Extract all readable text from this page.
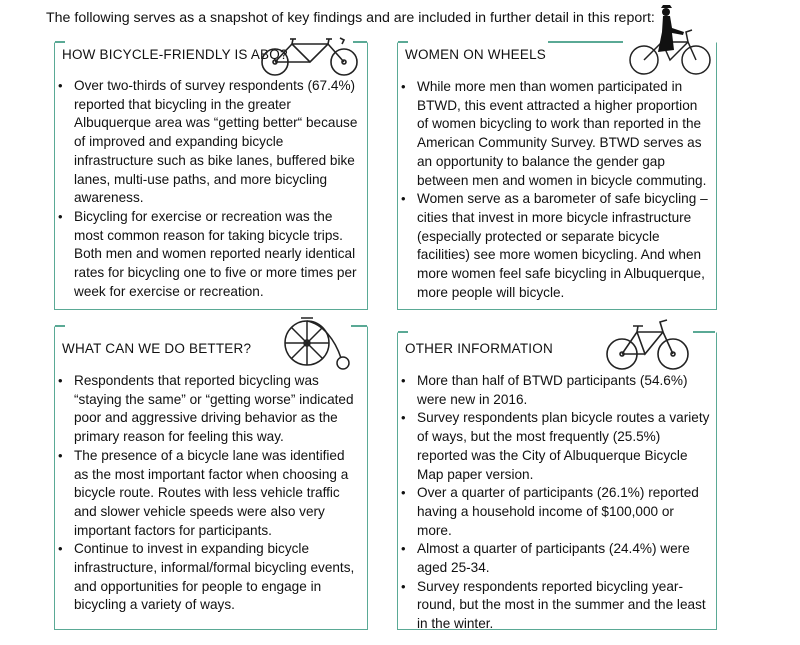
The following serves as a snapshot of key findings and are included in further detail in this report:
HOW BICYCLE-FRIENDLY IS ABQ?
• Over two-thirds of survey respondents (67.4%) reported that bicycling in the greater Albuquerque area was “getting better“ because of improved and expanding bicycle infrastructure such as bike lanes, buffered bike lanes, multi-use paths, and more bicycling awareness.
• Bicycling for exercise or recreation was the most common reason for taking bicycle trips. Both men and women reported nearly identical rates for bicycling one to five or more times per week for exercise or recreation.
WOMEN ON WHEELS
• While more men than women participated in BTWD, this event attracted a higher proportion of women bicycling to work than reported in the American Community Survey. BTWD serves as an opportunity to balance the gender gap between men and women in bicycle commuting.
• Women serve as a barometer of safe bicycling – cities that invest in more bicycle infrastructure (especially protected or separate bicycle facilities) see more women bicycling. And when more women feel safe bicycling in Albuquerque, more people will bicycle.
WHAT CAN WE DO BETTER?
• Respondents that reported bicycling was “staying the same” or “getting worse” indicated poor and aggressive driving behavior as the primary reason for feeling this way.
• The presence of a bicycle lane was identified as the most important factor when choosing a bicycle route. Routes with less vehicle traffic and slower vehicle speeds were also very important factors for participants.
• Continue to invest in expanding bicycle infrastructure, informal/formal bicycling events, and opportunities for people to engage in bicycling a variety of ways.
OTHER INFORMATION
• More than half of BTWD participants (54.6%) were new in 2016.
• Survey respondents plan bicycle routes a variety of ways, but the most frequently (25.5%) reported was the City of Albuquerque Bicycle Map paper version.
• Over a quarter of participants (26.1%) reported having a household income of $100,000 or more.
• Almost a quarter of participants (24.4%) were aged 25-34.
• Survey respondents reported bicycling year-round, but the most in the summer and the least in the winter.
